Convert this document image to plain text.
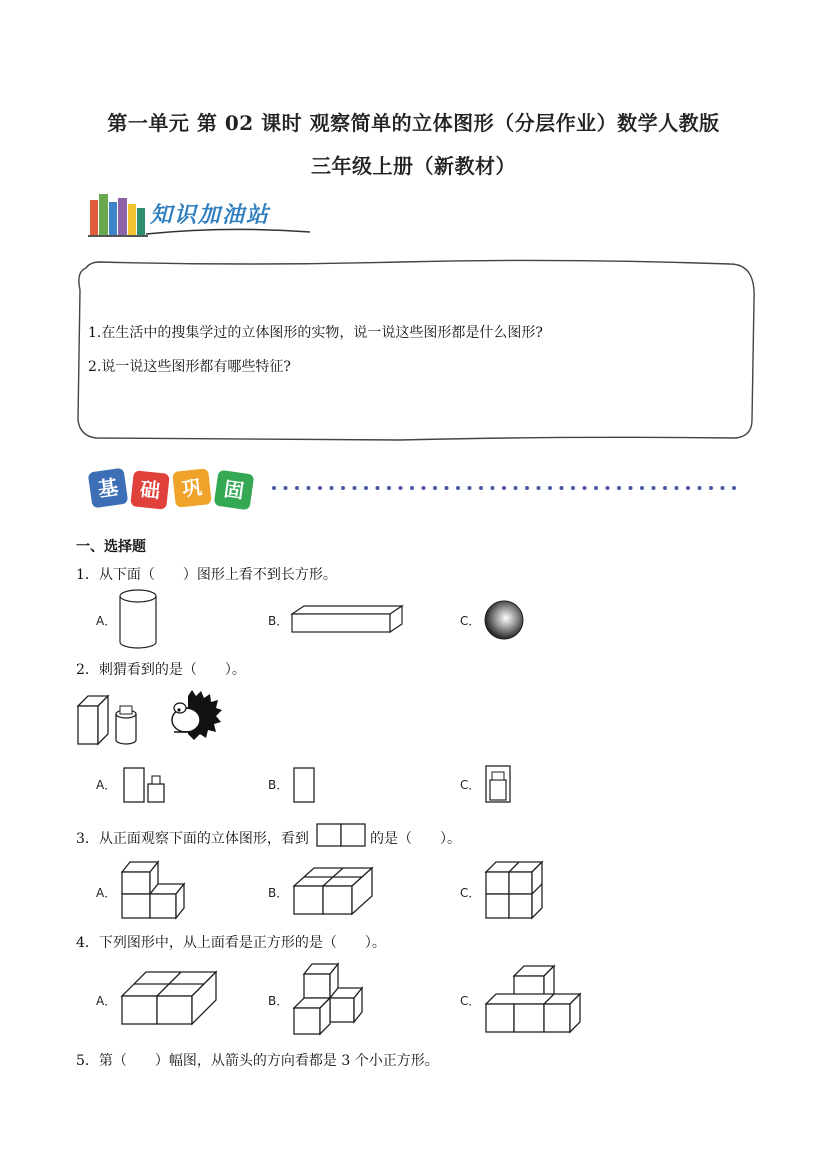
第一单元 第 02 课时 观察简单的立体图形（分层作业）数学人教版
三年级上册（新教材）
知识加油站
1.在生活中的搜集学过的立体图形的实物，说一说这些图形都是什么图形?
2.说一说这些图形都有哪些特征?
基 础 巩 固
一、选择题
1．从下面（　　）图形上看不到长方形。
A．	B．	C．
2．刺猬看到的是（　　）。
A．	B．	C．
3．从正面观察下面的立体图形，看到	的是（　　）。
A．	B．	C．
4．下列图形中，从上面看是正方形的是（　　）。
A．	B．	C．
5．第（　　）幅图，从箭头的方向看都是 3 个小正方形。
